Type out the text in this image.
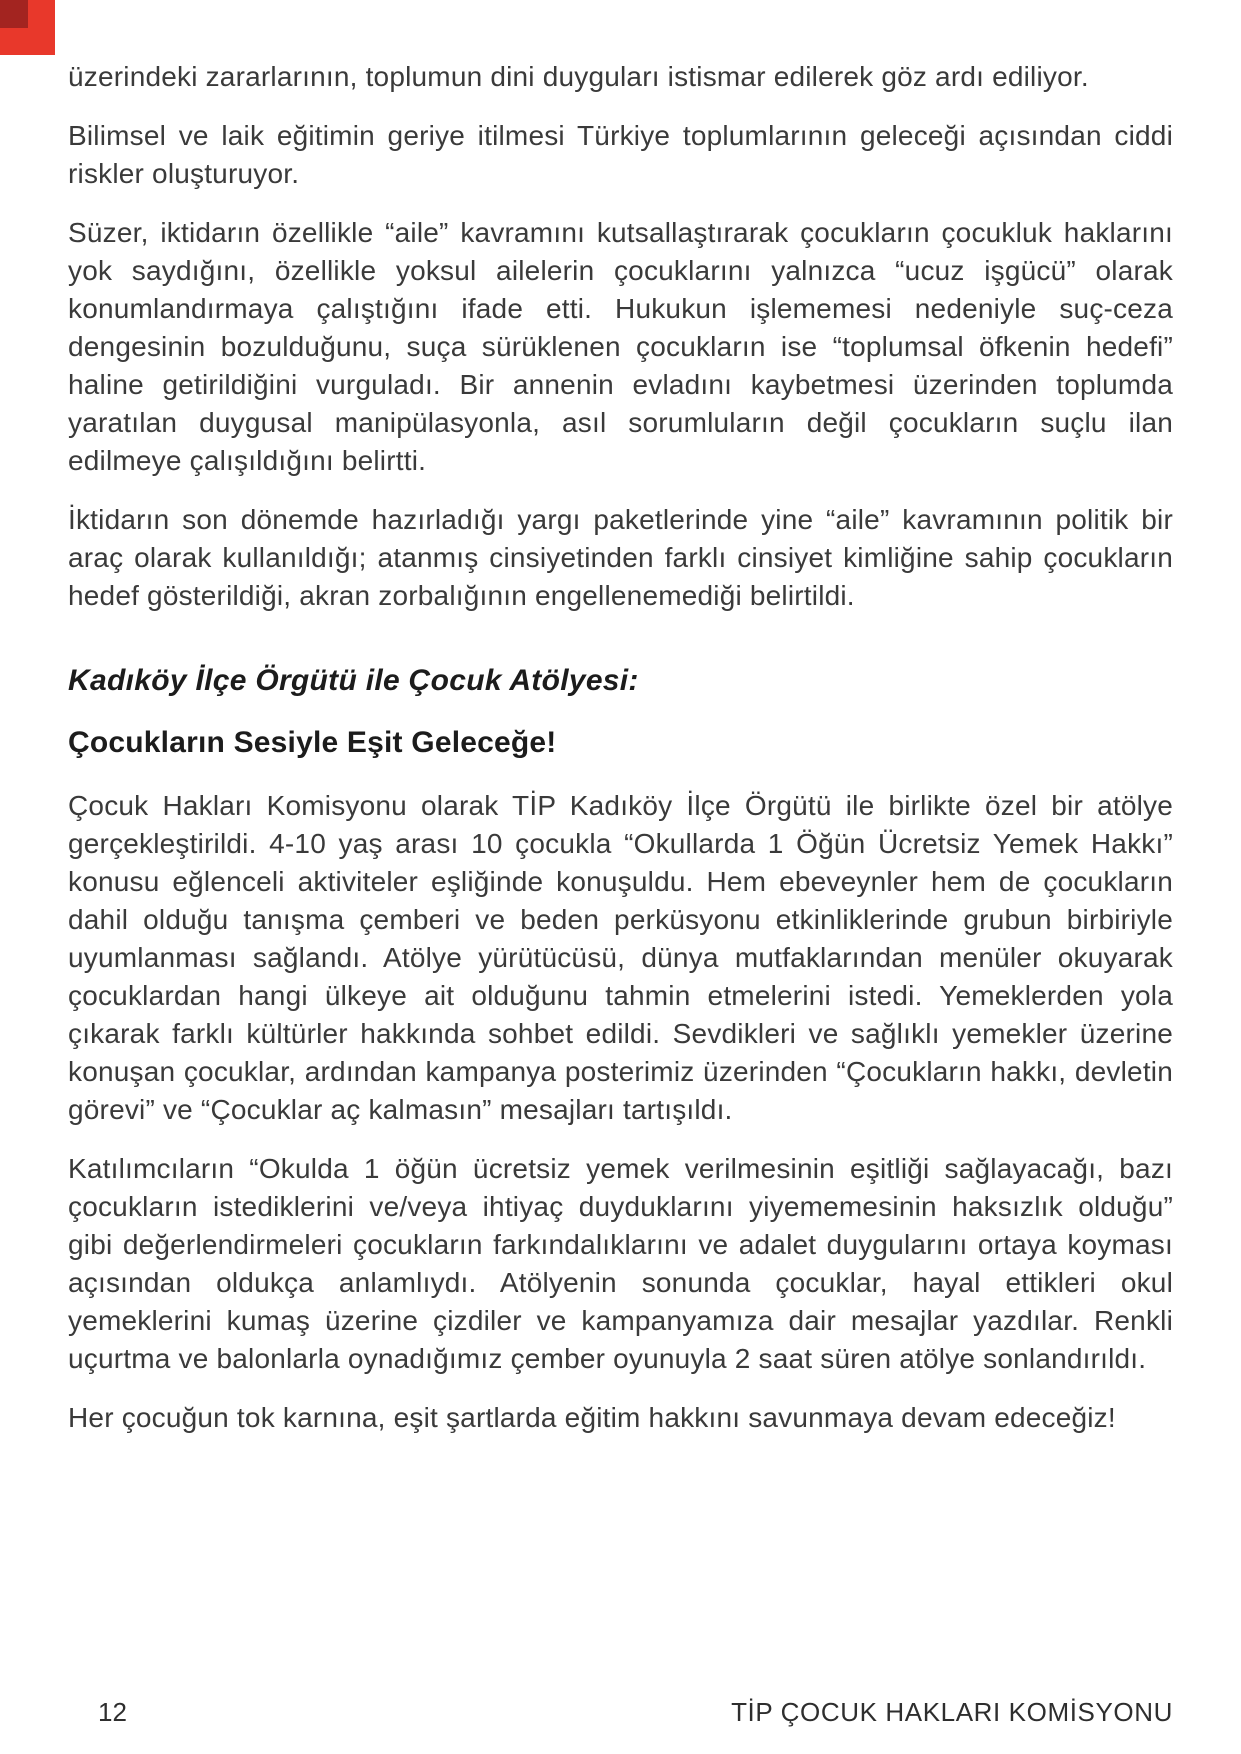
üzerindeki zararlarının, toplumun dini duyguları istismar edilerek göz ardı ediliyor.

Bilimsel ve laik eğitimin geriye itilmesi Türkiye toplumlarının geleceği açısından ciddi riskler oluşturuyor.

Süzer, iktidarın özellikle “aile” kavramını kutsallaştırarak çocukların çocukluk haklarını yok saydığını, özellikle yoksul ailelerin çocuklarını yalnızca “ucuz işgücü” olarak konumlandırmaya çalıştığını ifade etti. Hukukun işlememesi nedeniyle suç-ceza dengesinin bozulduğunu, suça sürüklenen çocukların ise “toplumsal öfkenin hedefi” haline getirildiğini vurguladı. Bir annenin evladını kaybetmesi üzerinden toplumda yaratılan duygusal manipülasyonla, asıl sorumluların değil çocukların suçlu ilan edilmeye çalışıldığını belirtti.

İktidarın son dönemde hazırladığı yargı paketlerinde yine “aile” kavramının politik bir araç olarak kullanıldığı; atanmış cinsiyetinden farklı cinsiyet kimliğine sahip çocukların hedef gösterildiği, akran zorbalığının engellenemediği belirtildi.

Kadıköy İlçe Örgütü ile Çocuk Atölyesi:
Çocukların Sesiyle Eşit Geleceğe!

Çocuk Hakları Komisyonu olarak TİP Kadıköy İlçe Örgütü ile birlikte özel bir atölye gerçekleştirildi. 4-10 yaş arası 10 çocukla “Okullarda 1 Öğün Ücretsiz Yemek Hakkı” konusu eğlenceli aktiviteler eşliğinde konuşuldu. Hem ebeveynler hem de çocukların dahil olduğu tanışma çemberi ve beden perküsyonu etkinliklerinde grubun birbiriyle uyumlanması sağlandı. Atölye yürütücüsü, dünya mutfaklarından menüler okuyarak çocuklardan hangi ülkeye ait olduğunu tahmin etmelerini istedi. Yemeklerden yola çıkarak farklı kültürler hakkında sohbet edildi. Sevdikleri ve sağlıklı yemekler üzerine konuşan çocuklar, ardından kampanya posterimiz üzerinden “Çocukların hakkı, devletin görevi” ve “Çocuklar aç kalmasın” mesajları tartışıldı.

Katılımcıların “Okulda 1 öğün ücretsiz yemek verilmesinin eşitliği sağlayacağı, bazı çocukların istediklerini ve/veya ihtiyaç duyduklarını yiyememesinin haksızlık olduğu” gibi değerlendirmeleri çocukların farkındalıklarını ve adalet duygularını ortaya koyması açısından oldukça anlamlıydı. Atölyenin sonunda çocuklar, hayal ettikleri okul yemeklerini kumaş üzerine çizdiler ve kampanyamıza dair mesajlar yazdılar. Renkli uçurtma ve balonlarla oynadığımız çember oyunuyla 2 saat süren atölye sonlandırıldı.

Her çocuğun tok karnına, eşit şartlarda eğitim hakkını savunmaya devam edeceğiz!

12	TİP ÇOCUK HAKLARI KOMİSYONU
